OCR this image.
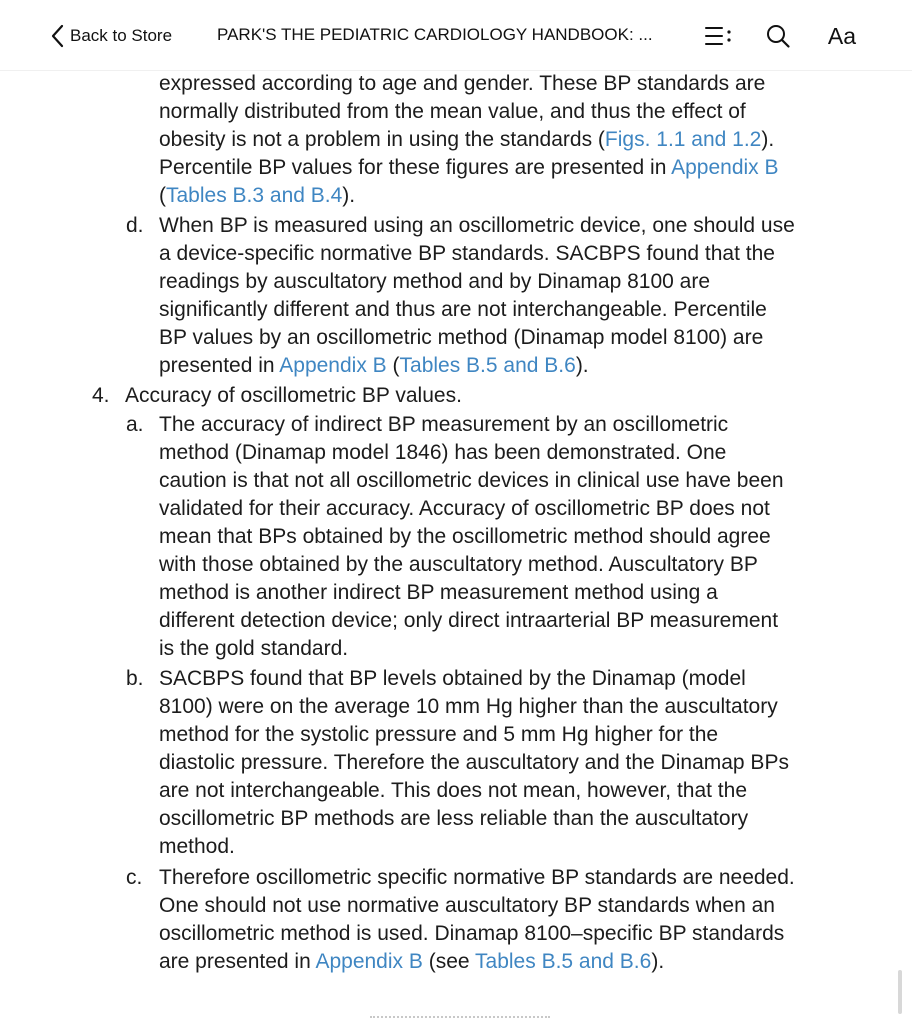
Back to Store	PARK'S THE PEDIATRIC CARDIOLOGY HANDBOOK: ...	Aa
expressed according to age and gender. These BP standards are
normally distributed from the mean value, and thus the effect of
obesity is not a problem in using the standards (Figs. 1.1 and 1.2).
Percentile BP values for these figures are presented in Appendix B
(Tables B.3 and B.4).
d. When BP is measured using an oscillometric device, one should use
a device-specific normative BP standards. SACBPS found that the
readings by auscultatory method and by Dinamap 8100 are
significantly different and thus are not interchangeable. Percentile
BP values by an oscillometric method (Dinamap model 8100) are
presented in Appendix B (Tables B.5 and B.6).
4. Accuracy of oscillometric BP values.
a. The accuracy of indirect BP measurement by an oscillometric
method (Dinamap model 1846) has been demonstrated. One
caution is that not all oscillometric devices in clinical use have been
validated for their accuracy. Accuracy of oscillometric BP does not
mean that BPs obtained by the oscillometric method should agree
with those obtained by the auscultatory method. Auscultatory BP
method is another indirect BP measurement method using a
different detection device; only direct intraarterial BP measurement
is the gold standard.
b. SACBPS found that BP levels obtained by the Dinamap (model
8100) were on the average 10 mm Hg higher than the auscultatory
method for the systolic pressure and 5 mm Hg higher for the
diastolic pressure. Therefore the auscultatory and the Dinamap BPs
are not interchangeable. This does not mean, however, that the
oscillometric BP methods are less reliable than the auscultatory
method.
c. Therefore oscillometric specific normative BP standards are needed.
One should not use normative auscultatory BP standards when an
oscillometric method is used. Dinamap 8100–specific BP standards
are presented in Appendix B (see Tables B.5 and B.6).
